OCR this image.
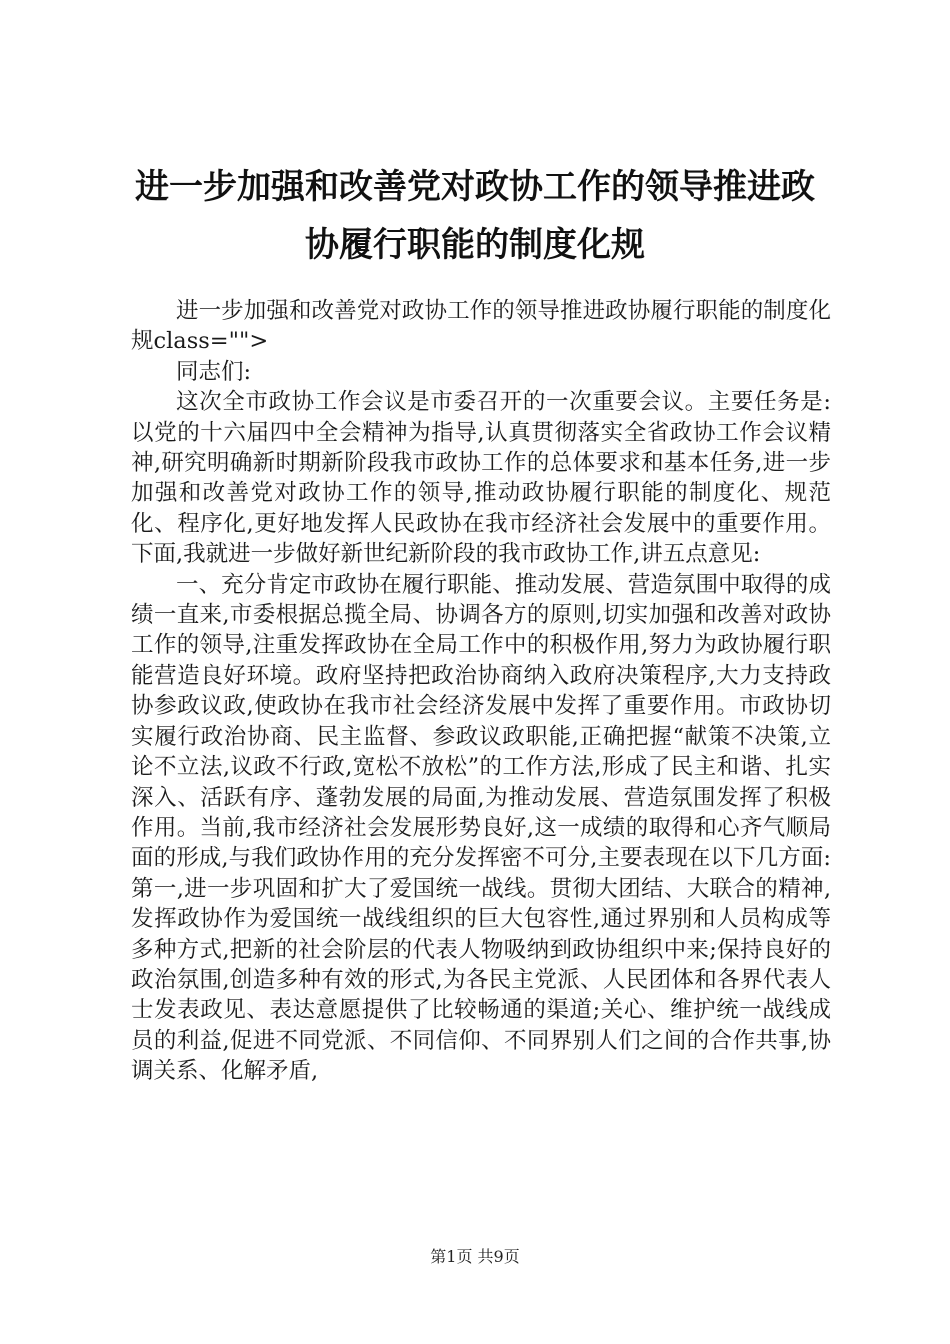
进一步加强和改善党对政协工作的领导推进政
协履行职能的制度化规

进一步加强和改善党对政协工作的领导推进政协履行职能的制度化规class="">

同志们:

这次全市政协工作会议是市委召开的一次重要会议。主要任务是:以党的十六届四中全会精神为指导,认真贯彻落实全省政协工作会议精神,研究明确新时期新阶段我市政协工作的总体要求和基本任务,进一步加强和改善党对政协工作的领导,推动政协履行职能的制度化、规范化、程序化,更好地发挥人民政协在我市经济社会发展中的重要作用。下面,我就进一步做好新世纪新阶段的我市政协工作,讲五点意见:

一、充分肯定市政协在履行职能、推动发展、营造氛围中取得的成绩一直来,市委根据总揽全局、协调各方的原则,切实加强和改善对政协工作的领导,注重发挥政协在全局工作中的积极作用,努力为政协履行职能营造良好环境。政府坚持把政治协商纳入政府决策程序,大力支持政协参政议政,使政协在我市社会经济发展中发挥了重要作用。市政协切实履行政治协商、民主监督、参政议政职能,正确把握“献策不决策,立论不立法,议政不行政,宽松不放松”的工作方法,形成了民主和谐、扎实深入、活跃有序、蓬勃发展的局面,为推动发展、营造氛围发挥了积极作用。当前,我市经济社会发展形势良好,这一成绩的取得和心齐气顺局面的形成,与我们政协作用的充分发挥密不可分,主要表现在以下几方面:第一,进一步巩固和扩大了爱国统一战线。贯彻大团结、大联合的精神,发挥政协作为爱国统一战线组织的巨大包容性,通过界别和人员构成等多种方式,把新的社会阶层的代表人物吸纳到政协组织中来;保持良好的政治氛围,创造多种有效的形式,为各民主党派、人民团体和各界代表人士发表政见、表达意愿提供了比较畅通的渠道;关心、维护统一战线成员的利益,促进不同党派、不同信仰、不同界别人们之间的合作共事,协调关系、化解矛盾,

第1页 共9页
